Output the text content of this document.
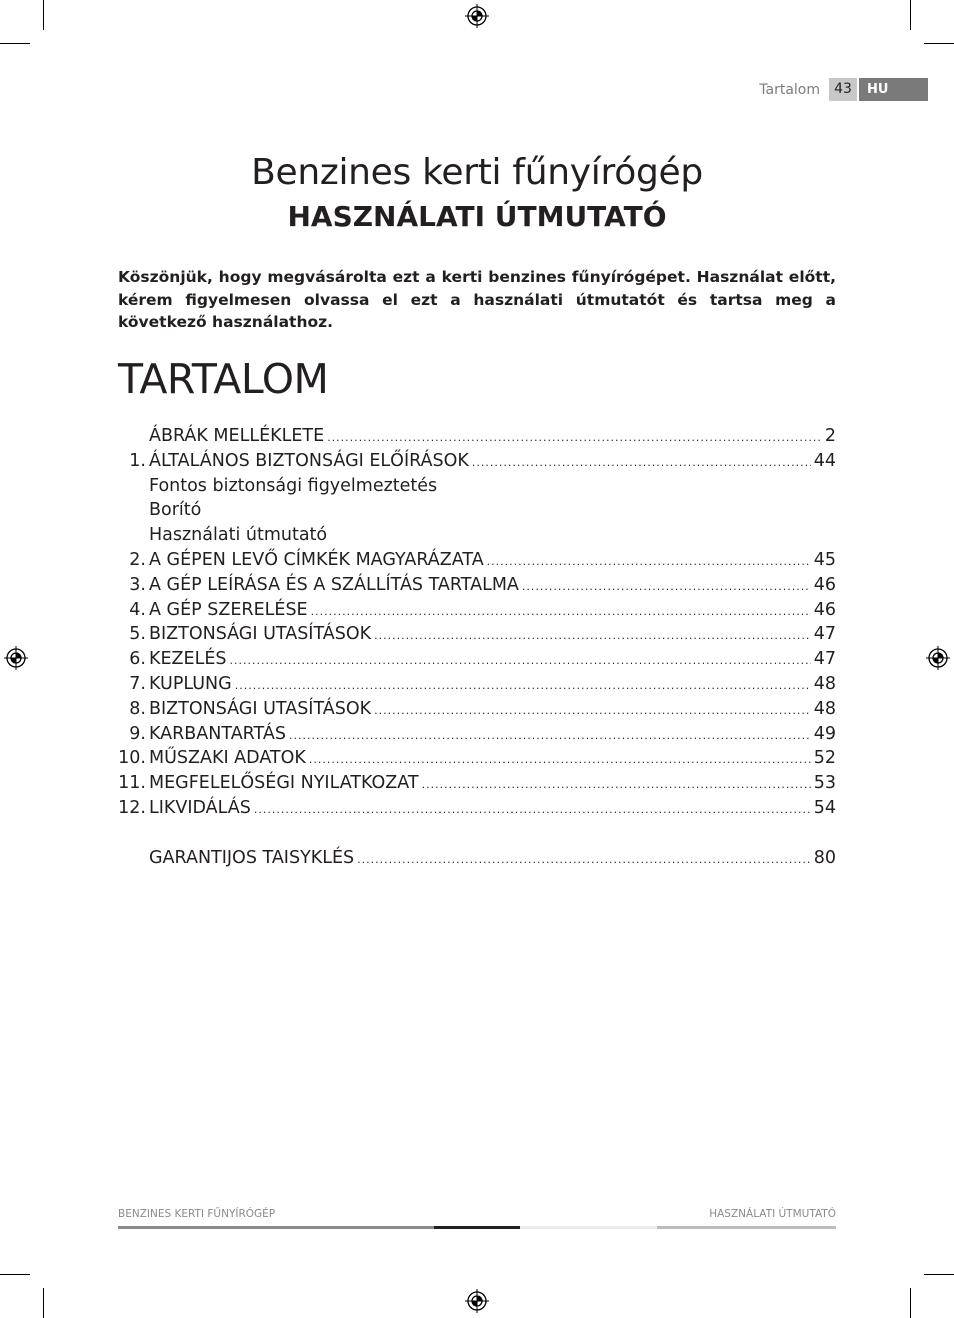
Tartalom	43	HU
Benzines kerti fűnyírógép
HASZNÁLATI ÚTMUTATÓ
Köszönjük, hogy megvásárolta ezt a kerti benzines fűnyírógépet. Használat előtt, kérem figyelmesen olvassa el ezt a használati útmutatót és tartsa meg a következő használathoz.
TARTALOM
ÁBRÁK MELLÉKLETE .....	2
1. ÁLTALÁNOS BIZTONSÁGI ELŐÍRÁSOK .....	44
Fontos biztonsági figyelmeztetés
Borító
Használati útmutató
2. A GÉPEN LEVŐ CÍMKÉK MAGYARÁZATA .....	45
3. A GÉP LEÍRÁSA ÉS A SZÁLLÍTÁS TARTALMA .....	46
4. A GÉP SZERELÉSE .....	46
5. BIZTONSÁGI UTASÍTÁSOK .....	47
6. KEZELÉS .....	47
7. KUPLUNG .....	48
8. BIZTONSÁGI UTASÍTÁSOK .....	48
9. KARBANTARTÁS .....	49
10. MŰSZAKI ADATOK .....	52
11. MEGFELELŐSÉGI NYILATKOZAT .....	53
12. LIKVIDÁLÁS .....	54
GARANTIJOS TAISYKLÉS .....	80
BENZINES KERTI FŰNYÍRÓGÉP	HASZNÁLATI ÚTMUTATÓ
